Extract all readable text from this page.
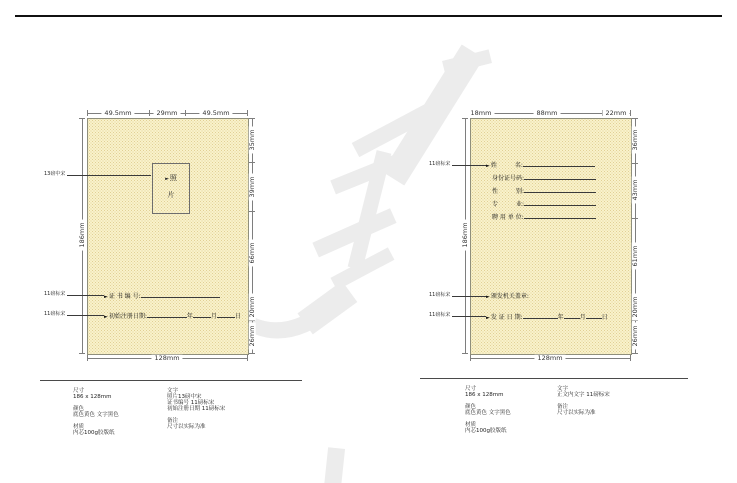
49.5mm	29mm	49.5mm
186mm
35mm
39mm
66mm
20mm
26mm
128mm
►照
片
13磅中宋
11磅标宋
11磅标宋
►证 书 编 号:
►初始注册日期:	年	月	日
尺寸
186 x 128mm
颜色
底色黄色 文字黑色
材质
内芯100g胶版纸
文字
照片13磅中宋
证书编号 11磅标宋
初始注册日期 11磅标宋
备注
尺寸以实际为准
18mm	88mm	22mm
186mm
36mm
43mm
61mm
20mm
26mm
128mm
11磅标宋
11磅标宋
11磅标宋
►姓　　　名:
身份证号码:
性　　　别:
专　　　业:
聘 用 单 位:
►颁发机关盖章:
►发 证 日 期:	年	月	日
尺寸
186 x 128mm
颜色
底色黄色 文字黑色
材质
内芯100g胶版纸
文字
正文内文字 11磅标宋
备注
尺寸以实际为准
